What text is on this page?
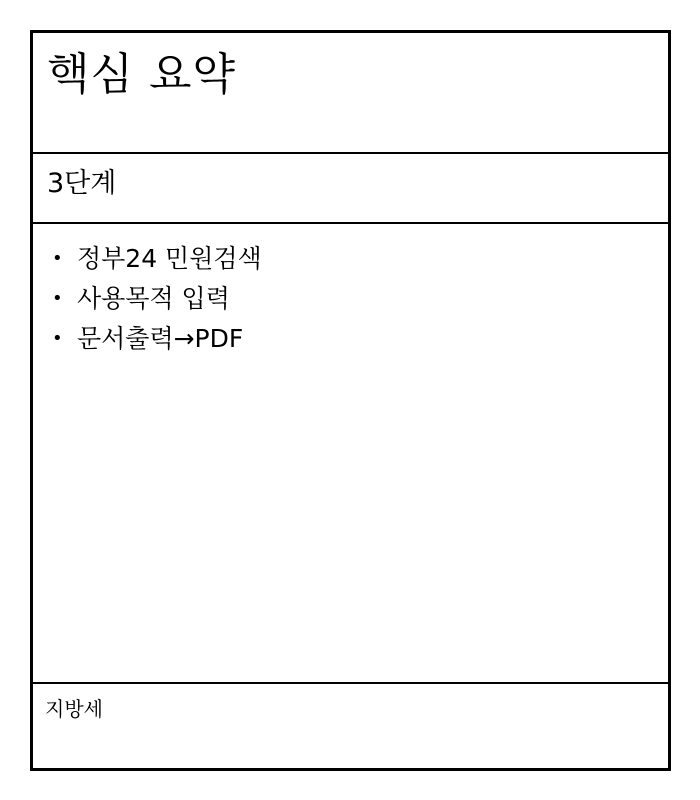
핵심 요약
3단계
• 정부24 민원검색
• 사용목적 입력
• 문서출력→PDF

지방세
